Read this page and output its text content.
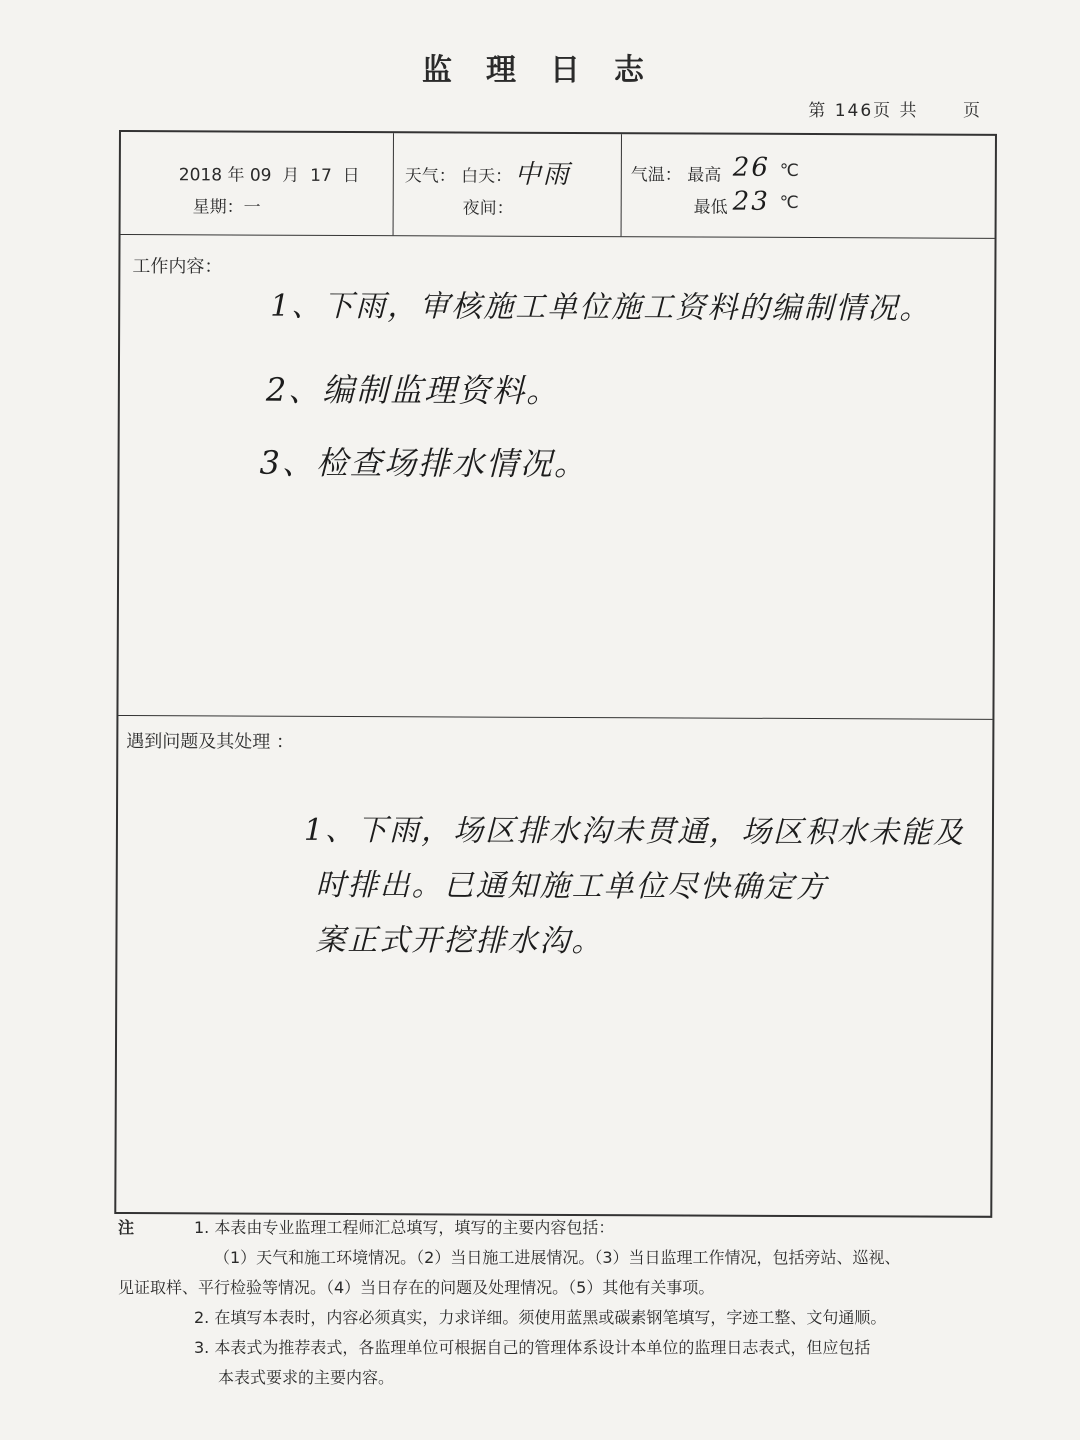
监理日志
第 146页 共	页
2018 年 09 月 17 日
星期：一
天气： 白天： 中雨
夜间：
气温： 最高 26 ℃
最低 23 ℃
工作内容：
1、下雨，审核施工单位施工资料的编制情况。
2、编制监理资料。
3、检查场排水情况。
遇到问题及其处理 ：
1、下雨，场区排水沟未贯通，场区积水未能及
时排出。已通知施工单位尽快确定方
案正式开挖排水沟。

注	1. 本表由专业监理工程师汇总填写，填写的主要内容包括：

（1）天气和施工环境情况。（2）当日施工进展情况。（3）当日监理工作情况，包括旁站、巡视、

见证取样、平行检验等情况。（4）当日存在的问题及处理情况。（5）其他有关事项。

2. 在填写本表时，内容必须真实，力求详细。须使用蓝黑或碳素钢笔填写，字迹工整、文句通顺。

3. 本表式为推荐表式，各监理单位可根据自己的管理体系设计本单位的监理日志表式，但应包括

本表式要求的主要内容。
